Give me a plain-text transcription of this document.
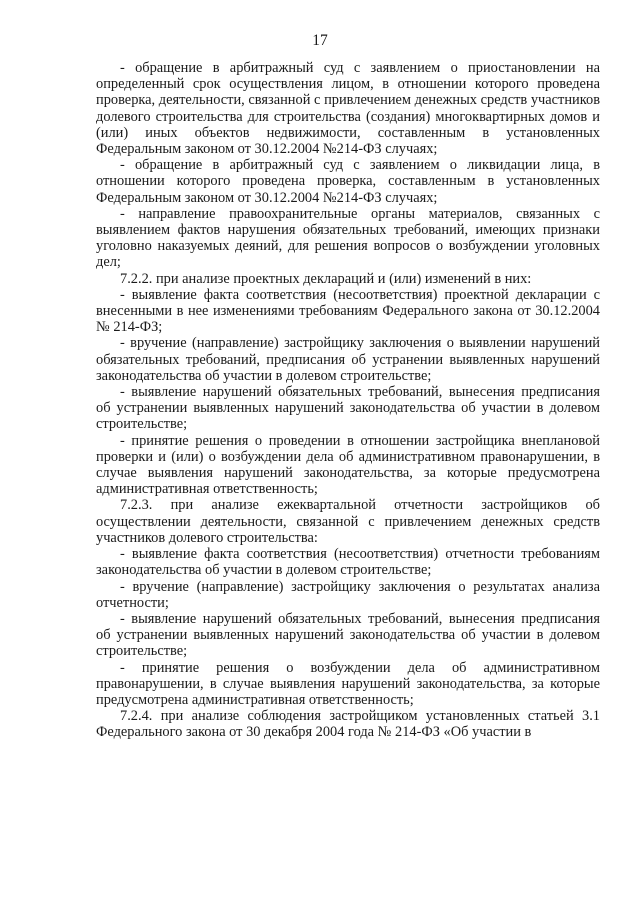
17

- обращение в арбитражный суд с заявлением о приостановлении на определенный срок осуществления лицом, в отношении которого проведена проверка, деятельности, связанной с привлечением денежных средств участников долевого строительства для строительства (создания) многоквартирных домов и (или) иных объектов недвижимости, составленным в установленных Федеральным законом от 30.12.2004 №214-ФЗ случаях;

- обращение в арбитражный суд с заявлением о ликвидации лица, в отношении которого проведена проверка, составленным в установленных Федеральным законом от 30.12.2004 №214-ФЗ случаях;

- направление правоохранительные органы материалов, связанных с выявлением фактов нарушения обязательных требований, имеющих признаки уголовно наказуемых деяний, для решения вопросов о возбуждении уголовных дел;

7.2.2. при анализе проектных деклараций и (или) изменений в них:

- выявление факта соответствия (несоответствия) проектной декларации с внесенными в нее изменениями требованиям Федерального закона от 30.12.2004 № 214-ФЗ;

- вручение (направление) застройщику заключения о выявлении нарушений обязательных требований, предписания об устранении выявленных нарушений законодательства об участии в долевом строительстве;

- выявление нарушений обязательных требований, вынесения предписания об устранении выявленных нарушений законодательства об участии в долевом строительстве;

- принятие решения о проведении в отношении застройщика внеплановой проверки и (или) о возбуждении дела об административном правонарушении, в случае выявления нарушений законодательства, за которые предусмотрена административная ответственность;

7.2.3. при анализе ежеквартальной отчетности застройщиков об осуществлении деятельности, связанной с привлечением денежных средств участников долевого строительства:

- выявление факта соответствия (несоответствия) отчетности требованиям законодательства об участии в долевом строительстве;

- вручение (направление) застройщику заключения о результатах анализа отчетности;

- выявление нарушений обязательных требований, вынесения предписания об устранении выявленных нарушений законодательства об участии в долевом строительстве;

- принятие решения о возбуждении дела об административном правонарушении, в случае выявления нарушений законодательства, за которые предусмотрена административная ответственность;

7.2.4. при анализе соблюдения застройщиком установленных статьей 3.1 Федерального закона от 30 декабря 2004 года № 214-ФЗ «Об участии в
